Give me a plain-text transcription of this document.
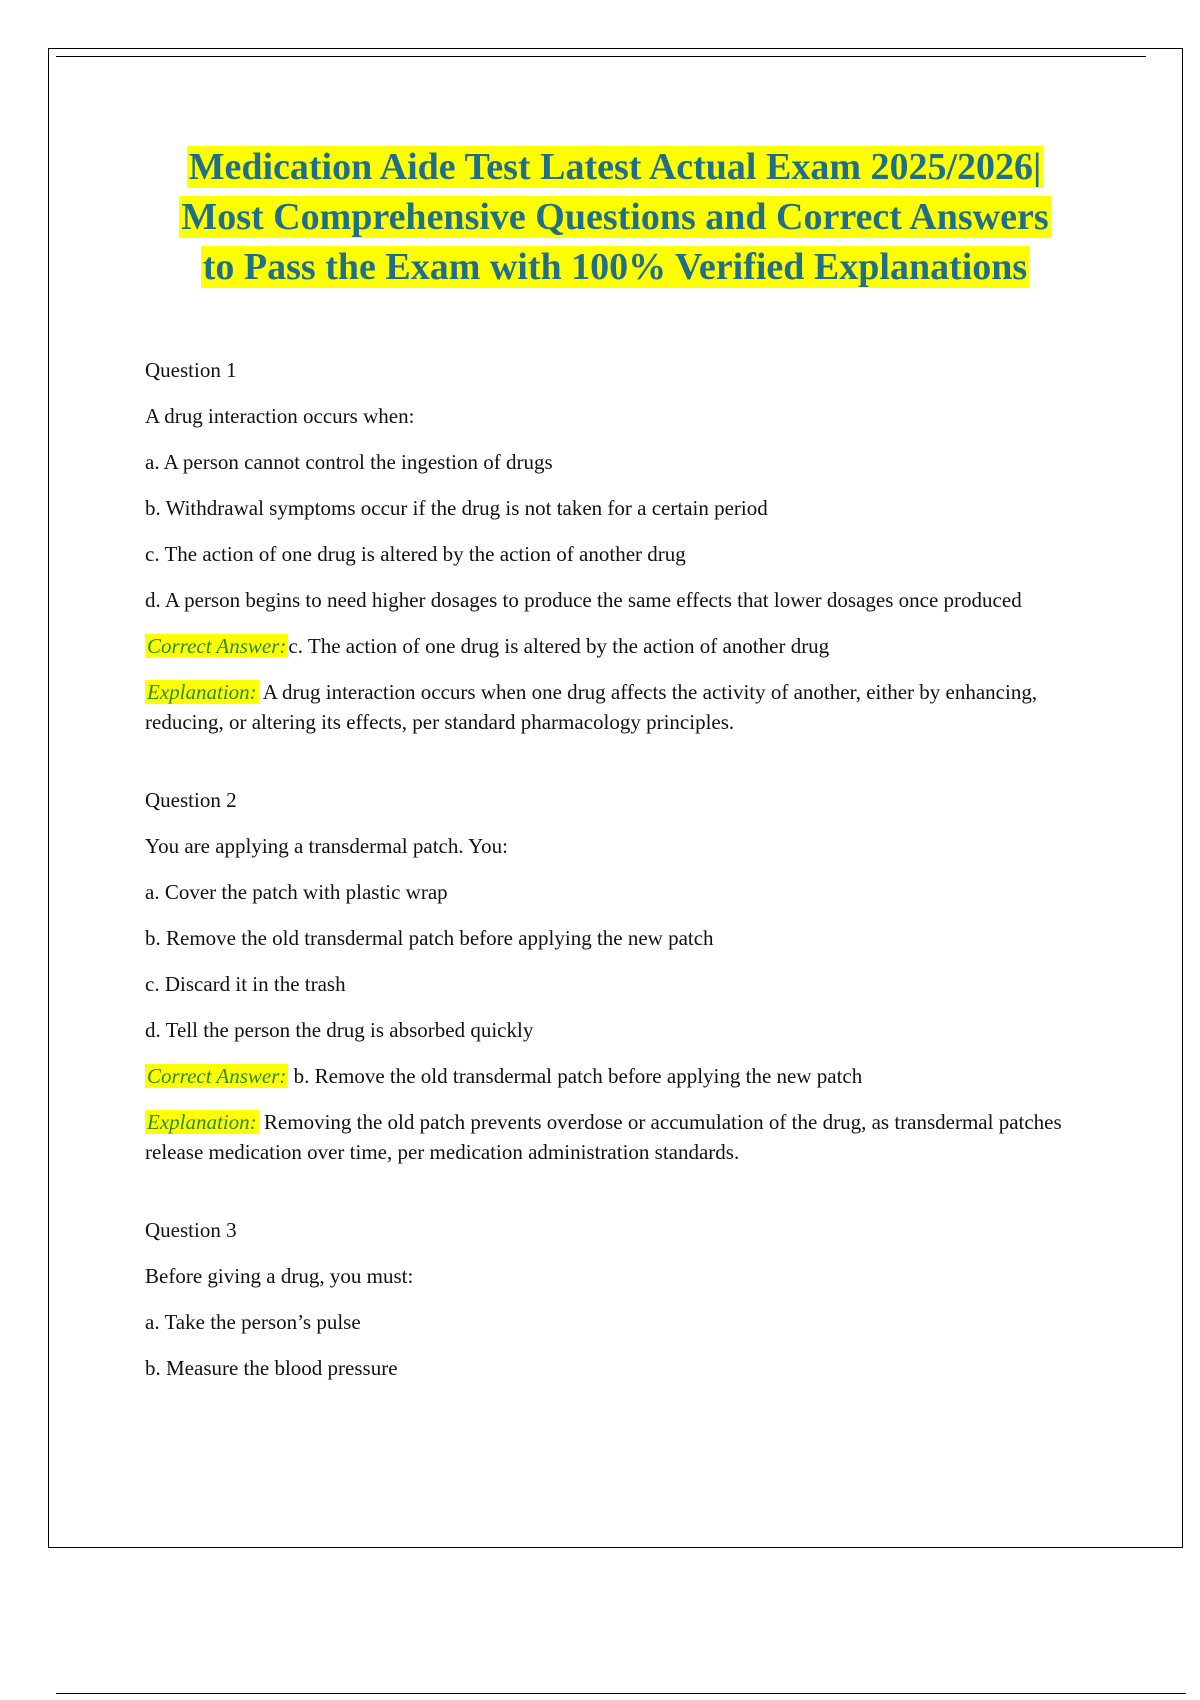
Medication Aide Test Latest Actual Exam 2025/2026|
Most Comprehensive Questions and Correct Answers
to Pass the Exam with 100% Verified Explanations
Question 1
A drug interaction occurs when:
a. A person cannot control the ingestion of drugs
b. Withdrawal symptoms occur if the drug is not taken for a certain period
c. The action of one drug is altered by the action of another drug
d. A person begins to need higher dosages to produce the same effects that lower dosages once produced
Correct Answer:c. The action of one drug is altered by the action of another drug
Explanation: A drug interaction occurs when one drug affects the activity of another, either by enhancing, reducing, or altering its effects, per standard pharmacology principles.
Question 2
You are applying a transdermal patch. You:
a. Cover the patch with plastic wrap
b. Remove the old transdermal patch before applying the new patch
c. Discard it in the trash
d. Tell the person the drug is absorbed quickly
Correct Answer: b. Remove the old transdermal patch before applying the new patch
Explanation: Removing the old patch prevents overdose or accumulation of the drug, as transdermal patches release medication over time, per medication administration standards.
Question 3
Before giving a drug, you must:
a. Take the person’s pulse
b. Measure the blood pressure
